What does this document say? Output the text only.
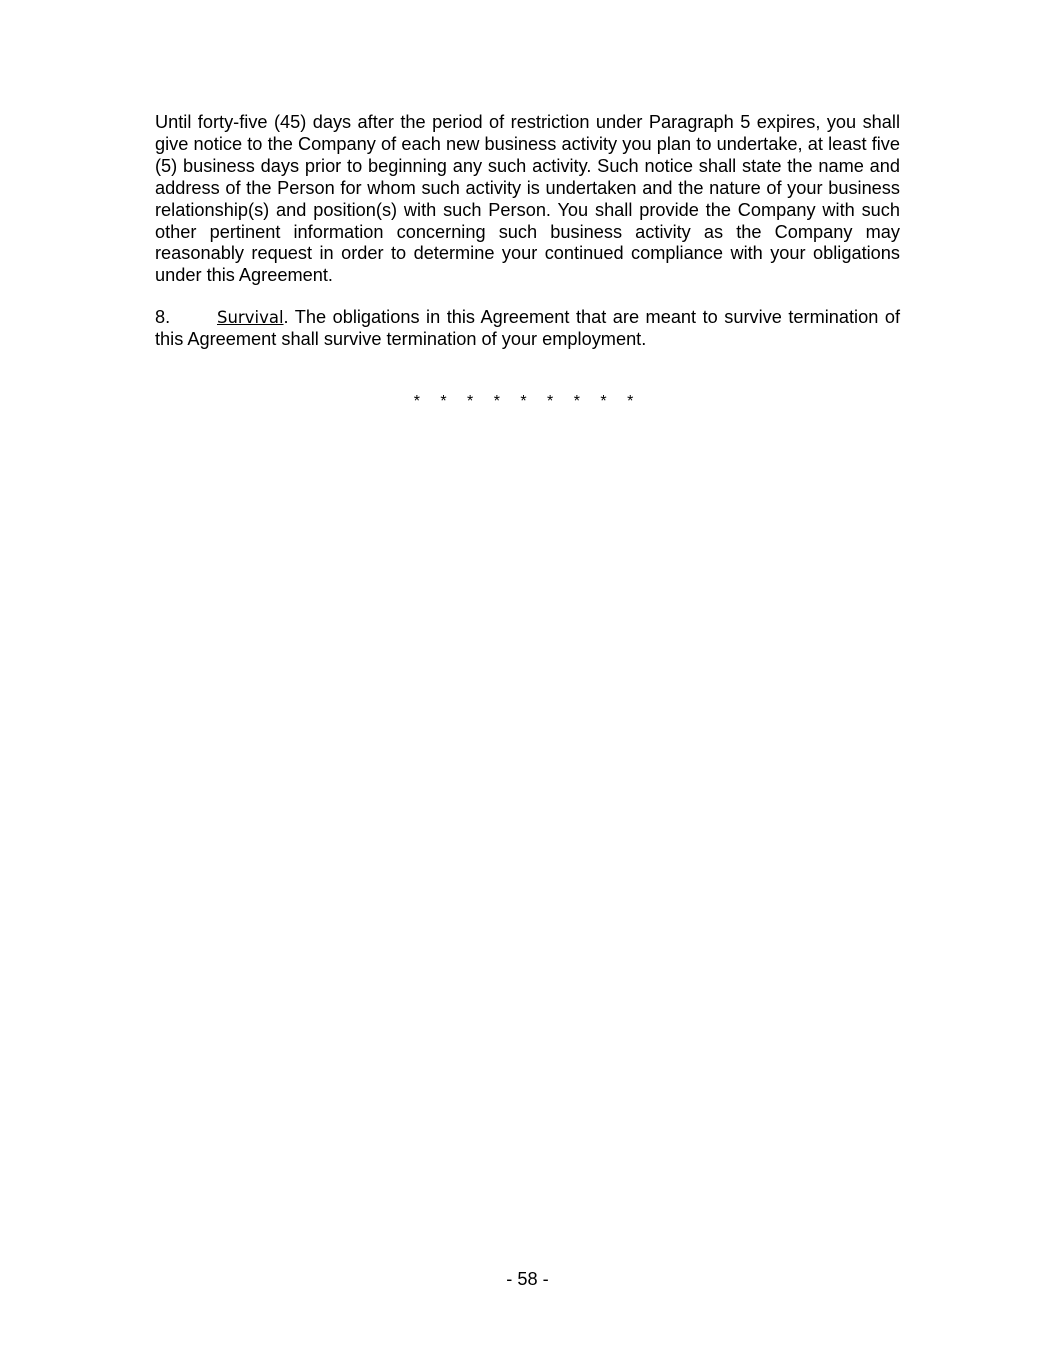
Until forty-five (45) days after the period of restriction under Paragraph 5 expires, you shall give notice to the Company of each new business activity you plan to undertake, at least five (5) business days prior to beginning any such activity. Such notice shall state the name and address of the Person for whom such activity is undertaken and the nature of your business relationship(s) and position(s) with such Person. You shall provide the Company with such other pertinent information concerning such business activity as the Company may reasonably request in order to determine your continued compliance with your obligations under this Agreement.

8.	Survival. The obligations in this Agreement that are meant to survive termination of this Agreement shall survive termination of your employment.

* * * * * * * * *

- 58 -
